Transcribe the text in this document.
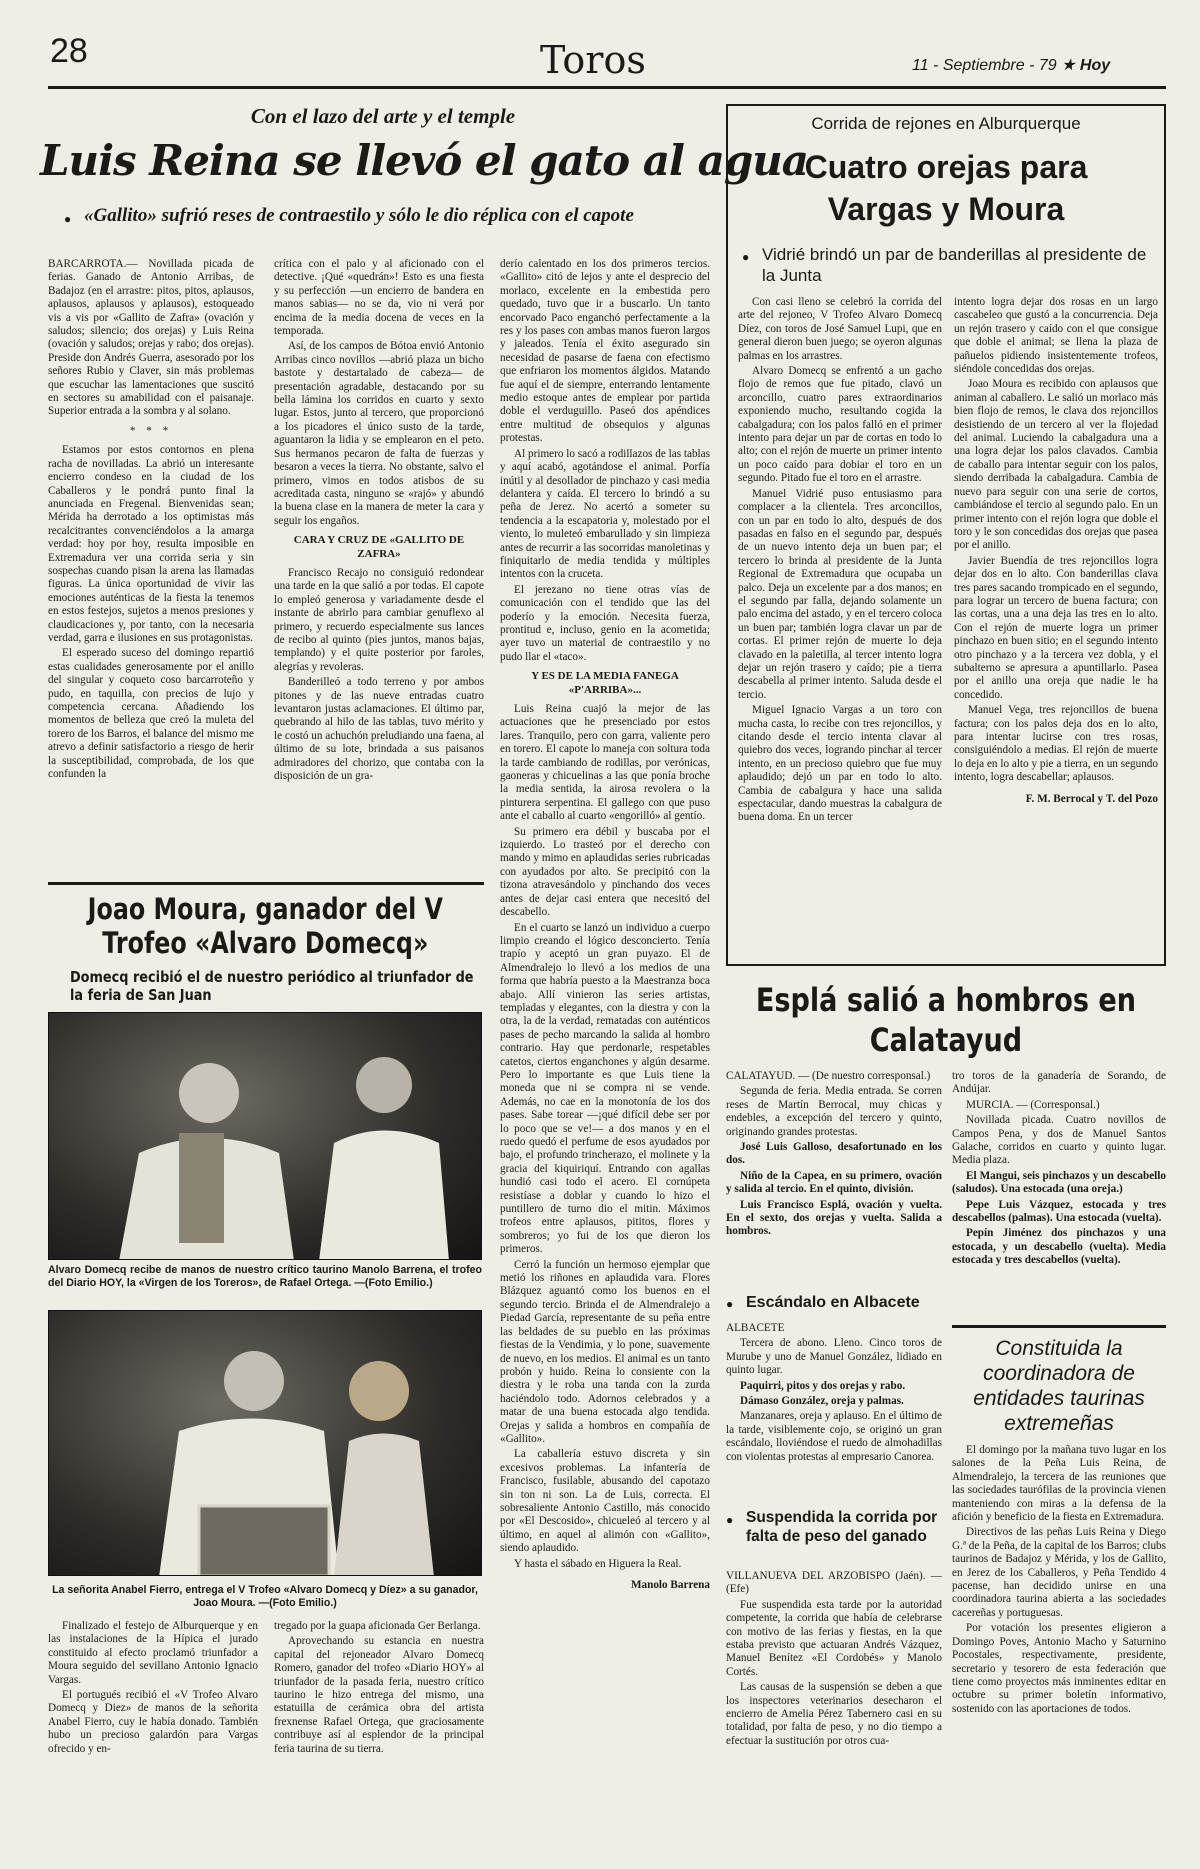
28	Toros	11 - Septiembre - 79 ★ Hoy
Con el lazo del arte y el temple
Luis Reina se llevó el gato al agua
● «Gallito» sufrió reses de contraestilo y sólo le dio réplica con el capote

BARCARROTA.— Novillada picada de ferias. Ganado de Antonio Arribas, de Badajoz (en el arrastre: pitos, pitos, aplausos, aplausos, aplausos y aplausos), estoqueado vis a vis por «Gallito de Zafra» (ovación y saludos; silencio; dos orejas) y Luis Reina (ovación y saludos; orejas y rabo; dos orejas). Preside don Andrés Guerra, asesorado por los señores Rubio y Claver, sin más problemas que escuchar las lamentaciones que suscitó en sectores su amabilidad con el paisanaje. Superior entrada a la sombra y al solano.

* * *

Estamos por estos contornos en plena racha de novilladas. La abrió un interesante encierro condeso en la ciudad de los Caballeros y le pondrá punto final la anunciada en Fregenal. Bienvenidas sean; Mérida ha derrotado a los optimistas más recalcitrantes convenciéndolos a la amarga verdad: hoy por hoy, resulta imposible en Extremadura ver una corrida seria y sin sospechas cuando pisan la arena las llamadas figuras. La única oportunidad de vivir las emociones auténticas de la fiesta la tenemos en estos festejos, sujetos a menos presiones y claudicaciones y, por tanto, con la necesaria verdad, garra e ilusiones en sus protagonistas.

El esperado suceso del domingo repartió estas cualidades generosamente por el anillo del singular y coqueto coso barcarroteño y pudo, en taquilla, con precios de lujo y competencia cercana. Añadiendo los momentos de belleza que creó la muleta del torero de los Barros, el balance del mismo me atrevo a definir satisfactorio a riesgo de herir la susceptibilidad, comprobada, de los que confunden la

crítica con el palo y al aficionado con el detective. ¡Qué «quedrán»! Esto es una fiesta y su perfección —un encierro de bandera en manos sabias— no se da, vio ni verá por encima de la media docena de veces en la temporada.

Así, de los campos de Bótoa envió Antonio Arribas cinco novillos —abrió plaza un bicho bastote y destartalado de cabeza— de presentación agradable, destacando por su bella lámina los corridos en cuarto y sexto lugar. Estos, junto al tercero, que proporcionó a los picadores el único susto de la tarde, aguantaron la lidia y se emplearon en el peto. Sus hermanos pecaron de falta de fuerzas y besaron a veces la tierra. No obstante, salvo el primero, vimos en todos atisbos de su acreditada casta, ninguno se «rajó» y abundó la buena clase en la manera de meter la cara y seguir los engaños.

CARA Y CRUZ DE «GALLITO DE ZAFRA»

Francisco Recajo no consiguió redondear una tarde en la que salió a por todas. El capote lo empleó generosa y variadamente desde el instante de abrirlo para cambiar genuflexo al primero, y recuerdo especialmente sus lances de recibo al quinto (pies juntos, manos bajas, templando) y el quite posterior por faroles, alegrías y revoleras.

Banderilleó a todo terreno y por ambos pitones y de las nueve entradas cuatro levantaron justas aclamaciones. El último par, quebrando al hilo de las tablas, tuvo mérito y le costó un achuchón preludiando una faena, al último de su lote, brindada a sus paisanos admiradores del chorizo, que contaba con la disposición de un gra-

derío calentado en los dos primeros tercios. «Gallito» citó de lejos y ante el desprecio del morlaco, excelente en la embestida pero quedado, tuvo que ir a buscarlo. Un tanto encorvado Paco enganchó perfectamente a la res y los pases con ambas manos fueron largos y jaleados. Tenía el éxito asegurado sin necesidad de pasarse de faena con efectismo que enfriaron los momentos álgidos. Matando fue aquí el de siempre, enterrando lentamente medio estoque antes de emplear por partida doble el verduguillo. Paseó dos apéndices entre multitud de obsequios y algunas protestas.

Al primero lo sacó a rodillazos de las tablas y aquí acabó, agotándose el animal. Porfía inútil y al desollador de pinchazo y casi media delantera y caída. El tercero lo brindó a su peña de Jerez. No acertó a someter su tendencia a la escapatoria y, molestado por el viento, lo muleteó embarullado y sin limpieza antes de recurrir a las socorridas manoletinas y finiquitarlo de media tendida y múltiples intentos con la cruceta.

El jerezano no tiene otras vías de comunicación con el tendido que las del poderío y la emoción. Necesita fuerza, prontitud e, incluso, genio en la acometida; ayer tuvo un material de contraestilo y no pudo llar el «taco».

Y ES DE LA MEDIA FANEGA «P'ARRIBA»...

Luis Reina cuajó la mejor de las actuaciones que he presenciado por estos lares. Tranquilo, pero con garra, valiente pero en torero. El capote lo maneja con soltura toda la tarde cambiando de rodillas, por verónicas, gaoneras y chicuelinas a las que ponía broche la media sentida, la airosa revolera o la pinturera serpentina. El gallego con que puso ante el caballo al cuarto «engorilló» al gentío.

Su primero era débil y buscaba por el izquierdo. Lo trasteó por el derecho con mando y mimo en aplaudidas series rubricadas con ayudados por alto. Se precipitó con la tizona atravesándolo y pinchando dos veces antes de dejar casi entera que necesitó del descabello.

En el cuarto se lanzó un individuo a cuerpo limpio creando el lógico desconcierto. Tenía trapío y aceptó un gran puyazo. El de Almendralejo lo llevó a los medios de una forma que habría puesto a la Maestranza boca abajo. Allí vinieron las series artistas, templadas y elegantes, con la diestra y con la otra, la de la verdad, rematadas con auténticos pases de pecho marcando la salida al hombro contrario. Hay que perdonarle, respetables catetos, ciertos enganchones y algún desarme. Pero lo importante es que Luis tiene la moneda que ni se compra ni se vende. Además, no cae en la monotonía de los dos pases. Sabe torear —¡qué difícil debe ser por lo poco que se ve!— a dos manos y en el ruedo quedó el perfume de esos ayudados por bajo, el profundo trincherazo, el molinete y la gracia del kiquiriquí. Entrando con agallas hundió casi todo el acero. El cornúpeta resistíase a doblar y cuando lo hizo el puntillero de turno dio el mitin. Máximos trofeos entre aplausos, pititos, flores y sombreros; yo fui de los que dieron los primeros.

Cerró la función un hermoso ejemplar que metió los riñones en aplaudida vara. Flores Blázquez aguantó como los buenos en el segundo tercio. Brinda el de Almendralejo a Piedad García, representante de su peña entre las beldades de su pueblo en las próximas fiestas de la Vendimia, y lo pone, suavemente de nuevo, en los medios. El animal es un tanto probón y huido. Reina lo consiente con la diestra y le roba una tanda con la zurda haciéndolo todo. Adornos celebrados y a matar de una buena estocada algo tendida. Orejas y salida a hombros en compañía de «Gallito».

La caballería estuvo discreta y sin excesivos problemas. La infantería de Francisco, fusilable, abusando del capotazo sin ton ni son. La de Luis, correcta. El sobresaliente Antonio Castillo, más conocido por «El Descosido», chicueleó al tercero y al último, en aquel al alimón con «Gallito», siendo aplaudido.

Y hasta el sábado en Higuera la Real.

Manolo Barrena

Joao Moura, ganador del V Trofeo «Alvaro Domecq»
● Domecq recibió el de nuestro periódico al triunfador de la feria de San Juan
Alvaro Domecq recibe de manos de nuestro crítico taurino Manolo Barrena, el trofeo del Diario HOY, la «Virgen de los Toreros», de Rafael Ortega. —(Foto Emilio.)
La señorita Anabel Fierro, entrega el V Trofeo «Alvaro Domecq y Díez» a su ganador, Joao Moura. —(Foto Emilio.)

Finalizado el festejo de Alburquerque y en las instalaciones de la Hípica el jurado constituido al efecto proclamó triunfador a Moura seguido del sevillano Antonio Ignacio Vargas.

El portugués recibió el «V Trofeo Alvaro Domecq y Diez» de manos de la señorita Anabel Fierro, cuy le había donado. También hubo un precioso galardón para Vargas ofrecido y en-

tregado por la guapa aficionada Ger Berlanga.

Aprovechando su estancia en nuestra capital del rejoneador Alvaro Domecq Romero, ganador del trofeo «Diario HOY» al triunfador de la pasada feria, nuestro crítico taurino le hizo entrega del mismo, una estatuilla de cerámica obra del artista frexnense Rafael Ortega, que graciosamente contribuye así al esplendor de la principal feria taurina de su tierra.

Corrida de rejones en Alburquerque
Cuatro orejas para Vargas y Moura
● Vidrié brindó un par de banderillas al presidente de la Junta

Con casi lleno se celebró la corrida del arte del rejoneo, V Trofeo Alvaro Domecq Díez, con toros de José Samuel Lupi, que en general dieron buen juego; se oyeron algunas palmas en los arrastres.

Alvaro Domecq se enfrentó a un gacho flojo de remos que fue pitado, clavó un arconcillo, cuatro pares extraordinarios exponiendo mucho, resultando cogida la cabalgadura; con los palos falló en el primer intento para dejar un par de cortas en todo lo alto; con el rejón de muerte un primer intento un poco caído para dobiar el toro en un segundo. Pitado fue el toro en el arrastre.

Manuel Vidrié puso entusiasmo para complacer a la clientela. Tres arconcillos, con un par en todo lo alto, después de dos pasadas en falso en el segundo par, después de un nuevo intento deja un buen par; el tercero lo brinda al presidente de la Junta Regional de Extremadura que ocupaba un palco. Deja un excelente par a dos manos; en el segundo par falla, dejando solamente un palo encima del astado, y en el tercero coloca un buen par; también logra clavar un par de cortas. El primer rejón de muerte lo deja clavado en la paletilla, al tercer intento logra dejar un rejón trasero y caído; pie a tierra descabella al primer intento. Saluda desde el tercio.

Miguel Ignacio Vargas a un toro con mucha casta, lo recibe con tres rejoncillos, y citando desde el tercio intenta clavar al quiebro dos veces, logrando pinchar al tercer intento, en un precioso quiebro que fue muy aplaudido; dejó un par en todo lo alto. Cambia de cabalgura y hace una salida espectacular, dando muestras la cabalgura de buena doma. En un tercer

intento logra dejar dos rosas en un largo cascabeleo que gustó a la concurrencia. Deja un rejón trasero y caído con el que consigue que doble el animal; se llena la plaza de pañuelos pidiendo insistentemente trofeos, siéndole concedidas dos orejas.

Joao Moura es recibido con aplausos que animan al caballero. Le salió un morlaco más bien flojo de remos, le clava dos rejoncillos desistiendo de un tercero al ver la flojedad del animal. Luciendo la cabalgadura una a una logra dejar los palos clavados. Cambia de caballo para intentar seguir con los palos, siendo derribada la cabalgadura. Cambia de nuevo para seguir con una serie de cortos, cambiándose el tercio al segundo palo. En un primer intento con el rejón logra que doble el toro y le son concedidas dos orejas que pasea por el anillo.

Javier Buendía de tres rejoncillos logra dejar dos en lo alto. Con banderillas clava tres pares sacando trompicado en el segundo, para lograr un tercero de buena factura; con las cortas, una a una deja las tres en lo alto. Con el rejón de muerte logra un primer pinchazo en buen sitio; en el segundo intento otro pinchazo y a la tercera vez dobla, y el subalterno se apresura a apuntillarlo. Pasea por el anillo una oreja que nadie le ha concedido.

Manuel Vega, tres rejoncillos de buena factura; con los palos deja dos en lo alto, para intentar lucirse con tres rosas, consiguiéndolo a medias. El rejón de muerte lo deja en lo alto y pie a tierra, en un segundo intento, logra descabellar; aplausos.

F. M. Berrocal y T. del Pozo

Esplá salió a hombros en Calatayud

CALATAYUD. — (De nuestro corresponsal.)

Segunda de feria. Media entrada. Se corren reses de Martín Berrocal, muy chicas y endebles, a excepción del tercero y quinto, originando grandes protestas.

José Luis Galloso, desafortunado en los dos.

Niño de la Capea, en su primero, ovación y salida al tercio. En el quinto, división.

Luis Francisco Esplá, ovación y vuelta. En el sexto, dos orejas y vuelta. Salida a hombros.

● Escándalo en Albacete

ALBACETE

Tercera de abono. Lleno. Cinco toros de Murube y uno de Manuel González, lidiado en quinto lugar.

Paquirri, pitos y dos orejas y rabo.

Dámaso González, oreja y palmas.

Manzanares, oreja y aplauso. En el último de la tarde, visiblemente cojo, se originó un gran escándalo, lloviéndose el ruedo de almohadillas con violentas protestas al empresario Canorea.

● Suspendida la corrida por falta de peso del ganado

VILLANUEVA DEL ARZOBISPO (Jaén). — (Efe)

Fue suspendida esta tarde por la autoridad competente, la corrida que había de celebrarse con motivo de las ferias y fiestas, en la que estaba previsto que actuaran Andrés Vázquez, Manuel Benítez «El Cordobés» y Manolo Cortés.

Las causas de la suspensión se deben a que los inspectores veterinarios desecharon el encierro de Amelia Pérez Tabernero casi en su totalidad, por falta de peso, y no dio tiempo a efectuar la sustitución por otros cua-

tro toros de la ganadería de Sorando, de Andújar.

MURCIA. — (Corresponsal.)

Novillada picada. Cuatro novillos de Campos Pena, y dos de Manuel Santos Galache, corridos en cuarto y quinto lugar. Media plaza.

El Mangui, seis pinchazos y un descabello (saludos). Una estocada (una oreja.)

Pepe Luis Vázquez, estocada y tres descabellos (palmas). Una estocada (vuelta).

Pepín Jiménez dos pinchazos y una estocada, y un descabello (vuelta). Media estocada y tres descabellos (vuelta).

Constituida la coordinadora de entidades taurinas extremeñas

El domingo por la mañana tuvo lugar en los salones de la Peña Luis Reina, de Almendralejo, la tercera de las reuniones que las sociedades taurófilas de la provincia vienen manteniendo con miras a la defensa de la afición y beneficio de la fiesta en Extremadura.

Directivos de las peñas Luis Reina y Diego G.ª de la Peña, de la capital de los Barros; clubs taurinos de Badajoz y Mérida, y los de Gallito, en Jerez de los Caballeros, y Peña Tendido 4 pacense, han decidido unirse en una coordinadora taurina abierta a las sociedades cacereñas y portuguesas.

Por votación los presentes eligieron a Domingo Poves, Antonio Macho y Saturnino Pocostales, respectivamente, presidente, secretario y tesorero de esta federación que tiene como proyectos más inminentes editar en octubre su primer boletín informativo, sostenido con las aportaciones de todos.
